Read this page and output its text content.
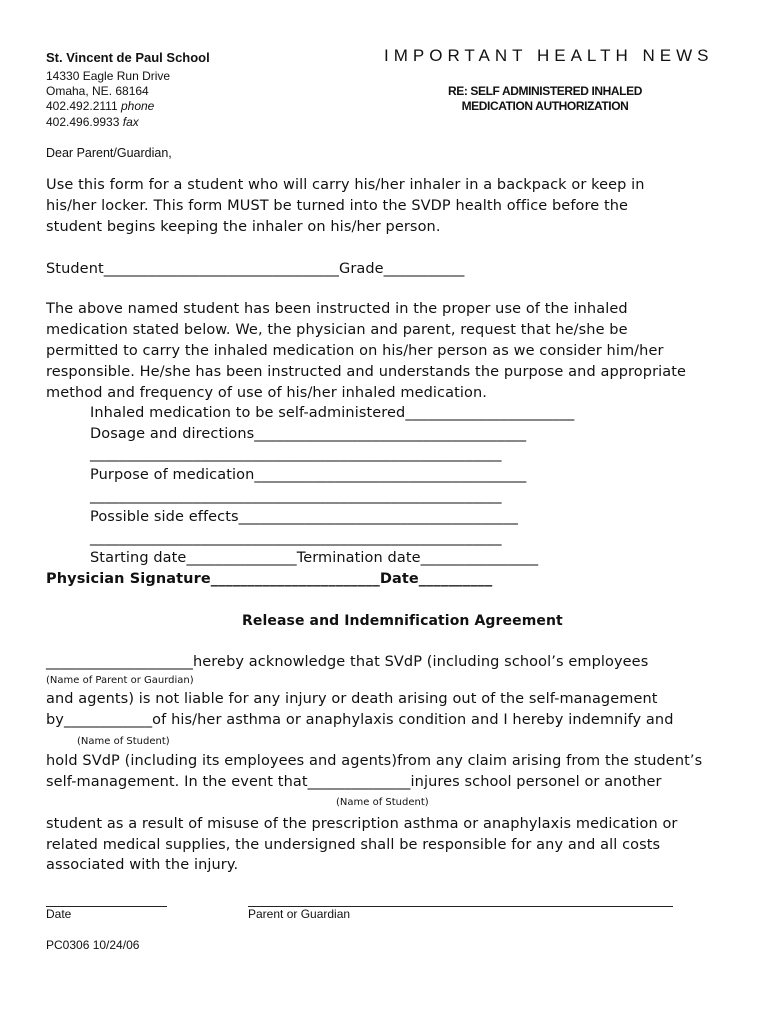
St. Vincent de Paul School
14330 Eagle Run Drive
Omaha, NE. 68164
402.492.2111 phone
402.496.9933 fax
IMPORTANT HEALTH NEWS
RE: SELF ADMINISTERED INHALED
MEDICATION AUTHORIZATION
Dear Parent/Guardian,
Use this form for a student who will carry his/her inhaler in a backpack or keep in
his/her locker. This form MUST be turned into the SVDP health office before the
student begins keeping the inhaler on his/her person.
Student________________________________Grade___________
The above named student has been instructed in the proper use of the inhaled
medication stated below. We, the physician and parent, request that he/she be
permitted to carry the inhaled medication on his/her person as we consider him/her
responsible. He/she has been instructed and understands the purpose and appropriate
method and frequency of use of his/her inhaled medication.
Inhaled medication to be self-administered_______________________
Dosage and directions_____________________________________
________________________________________________________
Purpose of medication_____________________________________
________________________________________________________
Possible side effects______________________________________
________________________________________________________
Starting date_______________Termination date________________
Physician Signature_______________________Date__________
Release and Indemnification Agreement
____________________hereby acknowledge that SVdP (including school’s employees
(Name of Parent or Gaurdian)
and agents) is not liable for any injury or death arising out of the self-management
by____________of his/her asthma or anaphylaxis condition and I hereby indemnify and
(Name of Student)
hold SVdP (including its employees and agents)from any claim arising from the student’s
self-management. In the event that______________injures school personel or another
(Name of Student)
student as a result of misuse of the prescription asthma or anaphylaxis medication or
related medical supplies, the undersigned shall be responsible for any and all costs
associated with the injury.
Date	Parent or Guardian
PC0306 10/24/06
